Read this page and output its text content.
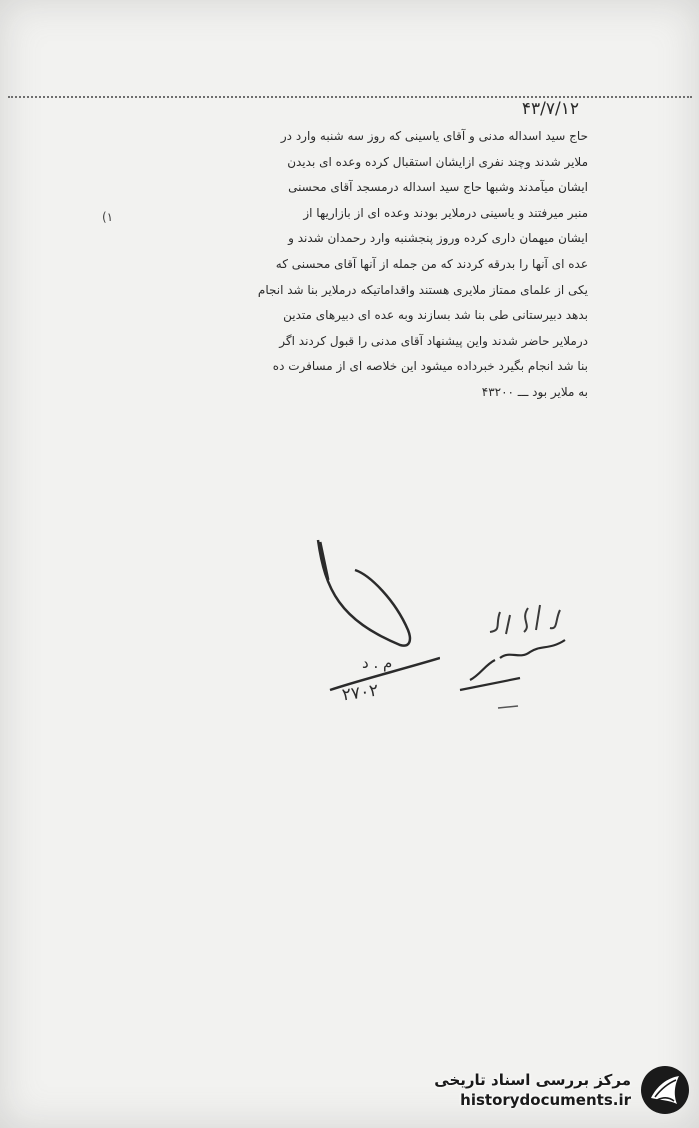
۴۳/۷/۱۲
(۱
حاج سید اسداله مدنی و آقای یاسینی که روز سه شنبه وارد در
ملایر شدند وچند نفری ازایشان استقبال کرده وعده ای بدیدن
ایشان میآمدند وشبها حاج سید اسداله درمسجد آقای محسنی
منبر میرفتند و یاسینی درملایر بودند وعده ای از بازاریها از
ایشان میهمان داری کرده وروز پنجشنبه وارد رحمدان شدند و
عده ای آنها را بدرقه کردند که من جمله از آنها آقای محسنی که
یکی از علمای ممتاز ملایری هستند واقداماتیکه درملایر بنا شد انجام
بدهد دبیرستانی طی بنا شد بسازند وبه عده ای دبیرهای متدین
درملایر حاضر شدند واین پیشنهاد آقای مدنی را قبول کردند اگر
بنا شد انجام بگیرد خبرداده میشود این خلاصه ای از مسافرت ده
به ملایر بود ـــ ۴۳۲۰۰
م . د
۲۷۰۲
مرکز بررسی اسناد تاریخی
historydocuments.ir
